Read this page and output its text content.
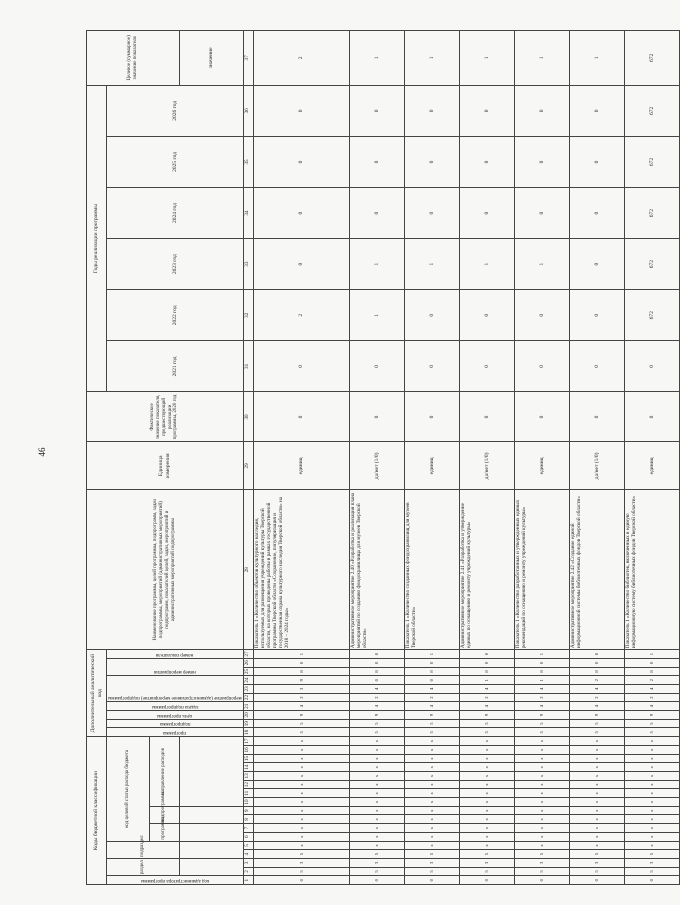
46
Коды бюджетной классификации																	Дополнительный аналитический код										Наименование программы, целей программы, подпрограмм, задач подпрограммы, мероприятий (административных мероприятий) подпрограмм, показателей целей, задач, мероприятий и административных мероприятий подпрограммы	Единица измерения	Фактическое значение показателя, предшествующий реализации программы, 2020 год	Годы реализации программы						Целевое (суммарное) значение показателя

код администратора программы	раздел		подраздел		код целевой статьи расхода бюджета												программа	подпрограмма	цель программы	задача подпрограммы	мероприятие (административное мероприятие) подпрограммы			номер мероприятия		номер показателя				2021 год	2022 год	2023 год	2024 год	2025 год	2026 год	
					программа		подпрограмма		направление расходов																											
																																				значение
1	2	3	4	5	6	7	8	9	10	11	12	13	14	15	16	17	18	19	20	21	22	23	24	25	26	27	28	29	30	31	32	33	34	35	36	37
0	5	3	5	х	х	х	х	х	х	х	х	х	х	х	х	х	5	5	9	4	2	3	9	8	0	1	Показатель 1 «Количество объектов культурного наследия, используемых для размещения учреждений культуры Тверской области, на которых проведены работы в рамках государственной программы Тверской области «Сохранение, популяризация и государственная охрана культурного наследия Тверской области» на 2018 – 2024 годы»	единиц	0	0	2	0	0	0	0	2
0	5	3	5	х	х	х	х	х	х	х	х	х	х	х	х	х	5	5	9	4	2	4	0	8	0	0	Административное мероприятие 2.40 «Разработка и реализация плана мероприятий по созданию фондохранилища для музеев Тверской области»	да/нет (1/0)	0	0	1	1	0	0	0	1
0	5	3	5	х	х	х	х	х	х	х	х	х	х	х	х	х	5	5	9	4	2	4	0	8	0	1	Показатель 1 «Количество созданных фондохранилищ для музеев Тверской области»	единиц	0	0	0	1	0	0	0	1
0	5	3	5	х	х	х	х	х	х	х	х	х	х	х	х	х	5	5	9	4	2	4	1	8	0	0	Административное мероприятие 2.41 «Разработка и утверждение единых по оснащению и ремонту учреждений культуры»	да/нет (1/0)	0	0	0	1	0	0	0	1
0	5	3	5	х	х	х	х	х	х	х	х	х	х	х	х	х	5	5	9	4	2	4	1	8	0	1	Показатель 1 «Количество разработанных и утвержденных единых рекомендаций по оснащению и ремонту учреждений культуры»	единиц	0	0	0	1	0	0	0	1
0	5	3	5	х	х	х	х	х	х	х	х	х	х	х	х	х	5	5	9	4	2	4	2	8	0	0	Административное мероприятие 2.42 «Создание единой информационной системы библиотечных фондов Тверской области»	да/нет (1/0)	0	0	0	0	0	0	0	1
0	5	3	5	х	х	х	х	х	х	х	х	х	х	х	х	х	5	5	9	4	2	4	2	8	0	1	Показатель 1 «Количество библиотек, включенных в единую информационную систему библиотечных фондов Тверской области»	единиц	0	0	672	672	672	672	672	672
